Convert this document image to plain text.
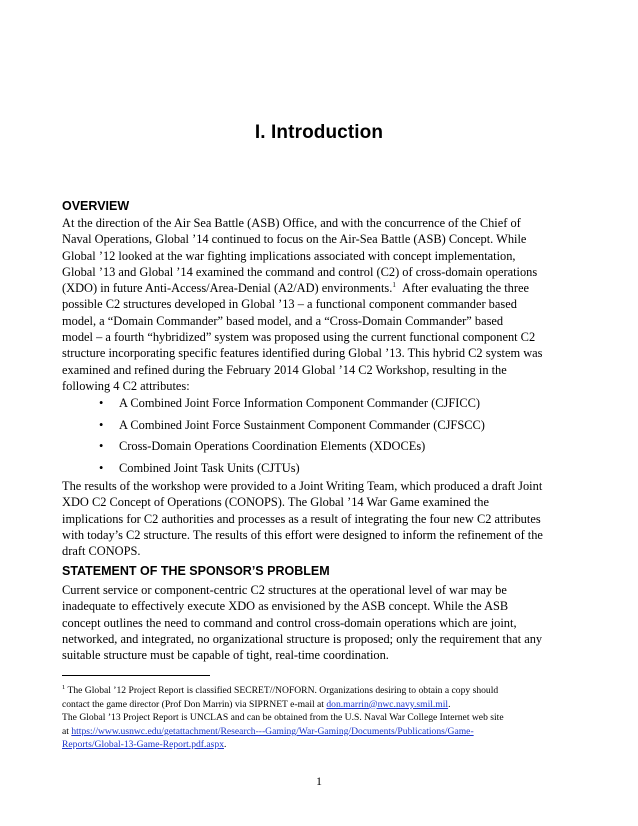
I. Introduction
OVERVIEW
At the direction of the Air Sea Battle (ASB) Office, and with the concurrence of the Chief of
Naval Operations, Global ’14 continued to focus on the Air-Sea Battle (ASB) Concept. While
Global ’12 looked at the war fighting implications associated with concept implementation,
Global ’13 and Global ’14 examined the command and control (C2) of cross-domain operations
(XDO) in future Anti-Access/Area-Denial (A2/AD) environments.$^1$ After evaluating the three
possible C2 structures developed in Global ’13 – a functional component commander based
model, a “Domain Commander” based model, and a “Cross-Domain Commander” based
model – a fourth “hybridized” system was proposed using the current functional component C2
structure incorporating specific features identified during Global ’13. This hybrid C2 system was
examined and refined during the February 2014 Global ’14 C2 Workshop, resulting in the
following 4 C2 attributes:
• A Combined Joint Force Information Component Commander (CJFICC)
• A Combined Joint Force Sustainment Component Commander (CJFSCC)
• Cross-Domain Operations Coordination Elements (XDOCEs)
• Combined Joint Task Units (CJTUs)
The results of the workshop were provided to a Joint Writing Team, which produced a draft Joint
XDO C2 Concept of Operations (CONOPS). The Global ’14 War Game examined the
implications for C2 authorities and processes as a result of integrating the four new C2 attributes
with today’s C2 structure. The results of this effort were designed to inform the refinement of the
draft CONOPS.
STATEMENT OF THE SPONSOR’S PROBLEM
Current service or component-centric C2 structures at the operational level of war may be
inadequate to effectively execute XDO as envisioned by the ASB concept. While the ASB
concept outlines the need to command and control cross-domain operations which are joint,
networked, and integrated, no organizational structure is proposed; only the requirement that any
suitable structure must be capable of tight, real-time coordination.
$^1$ The Global ’12 Project Report is classified SECRET//NOFORN. Organizations desiring to obtain a copy should
contact the game director (Prof Don Marrin) via SIPRNET e-mail at don.marrin@nwc.navy.smil.mil.
The Global ’13 Project Report is UNCLAS and can be obtained from the U.S. Naval War College Internet web site
at https://www.usnwc.edu/getattachment/Research---Gaming/War-Gaming/Documents/Publications/Game-
Reports/Global-13-Game-Report.pdf.aspx.
1
